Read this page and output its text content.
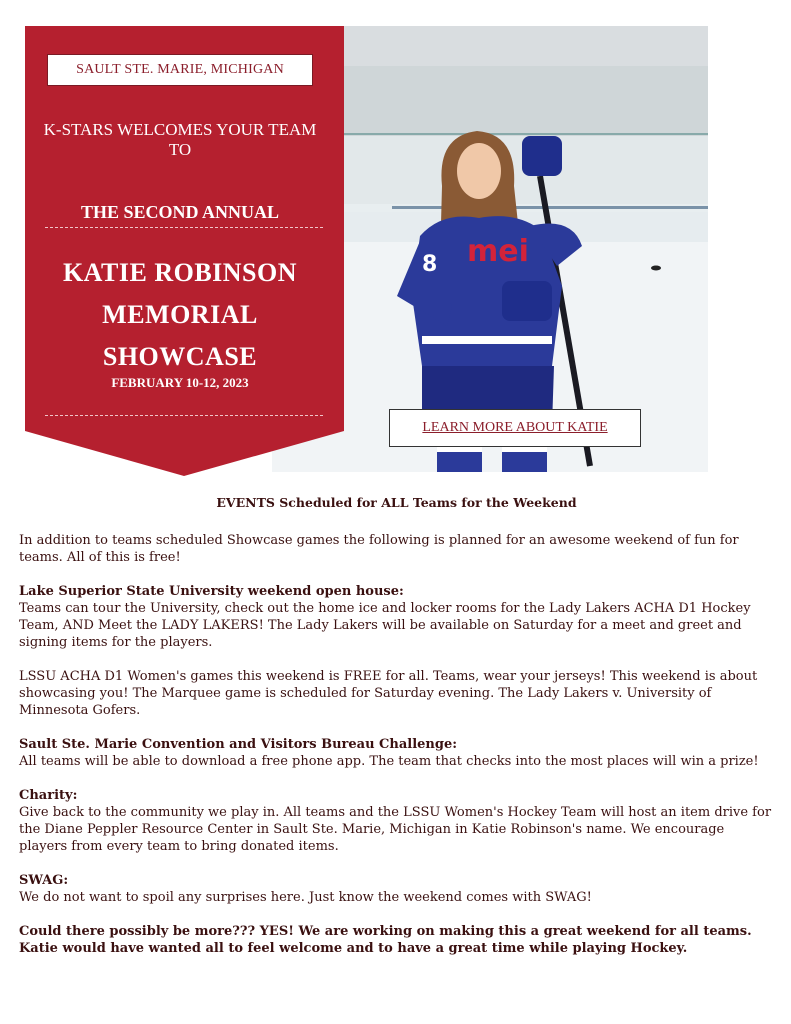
mei
8
SAULT STE. MARIE, MICHIGAN
K-STARS WELCOMES YOUR TEAM
TO
THE SECOND ANNUAL
KATIE ROBINSON
MEMORIAL
SHOWCASE
FEBRUARY 10-12, 2023
LEARN MORE ABOUT KATIE
EVENTS Scheduled for ALL Teams for the Weekend

In addition to teams scheduled Showcase games the following is planned for an awesome weekend of fun for teams. All of this is free!

Lake Superior State University weekend open house:
Teams can tour the University, check out the home ice and locker rooms for the Lady Lakers ACHA D1 Hockey Team, AND Meet the LADY LAKERS! The Lady Lakers will be available on Saturday for a meet and greet and signing items for the players.

LSSU ACHA D1 Women's games this weekend is FREE for all. Teams, wear your jerseys! This weekend is about showcasing you! The Marquee game is scheduled for Saturday evening. The Lady Lakers v. University of Minnesota Gofers.

Sault Ste. Marie Convention and Visitors Bureau Challenge:
All teams will be able to download a free phone app. The team that checks into the most places will win a prize!

Charity:
Give back to the community we play in. All teams and the LSSU Women's Hockey Team will host an item drive for the Diane Peppler Resource Center in Sault Ste. Marie, Michigan in Katie Robinson's name. We encourage players from every team to bring donated items.

SWAG:
We do not want to spoil any surprises here. Just know the weekend comes with SWAG!

Could there possibly be more??? YES! We are working on making this a great weekend for all teams. Katie would have wanted all to feel welcome and to have a great time while playing Hockey.
